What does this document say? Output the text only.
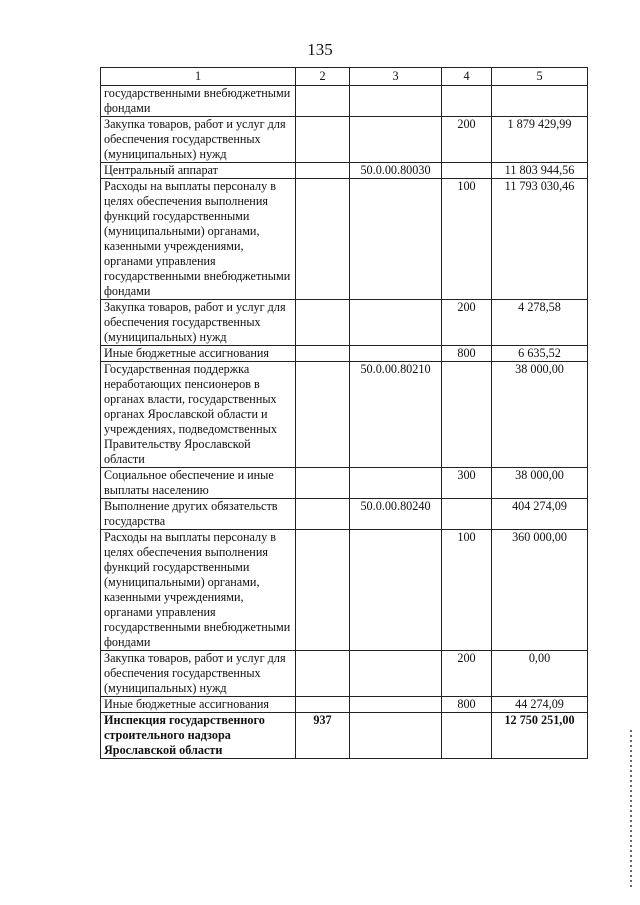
135
1	2	3	4	5
государственными внебюджетными фондами				
Закупка товаров, работ и услуг для обеспечения государственных (муниципальных) нужд			200	1 879 429,99
Центральный аппарат		50.0.00.80030		11 803 944,56
Расходы на выплаты персоналу в целях обеспечения выполнения функций государственными (муниципальными) органами, казенными учреждениями, органами управления государственными внебюджетными фондами			100	11 793 030,46
Закупка товаров, работ и услуг для обеспечения государственных (муниципальных) нужд			200	4 278,58
Иные бюджетные ассигнования			800	6 635,52
Государственная поддержка неработающих пенсионеров в органах власти, государственных органах Ярославской области и учреждениях, подведомственных Правительству Ярославской области		50.0.00.80210		38 000,00
Социальное обеспечение и иные выплаты населению			300	38 000,00
Выполнение других обязательств государства		50.0.00.80240		404 274,09
Расходы на выплаты персоналу в целях обеспечения выполнения функций государственными (муниципальными) органами, казенными учреждениями, органами управления государственными внебюджетными фондами			100	360 000,00
Закупка товаров, работ и услуг для обеспечения государственных (муниципальных) нужд			200	0,00
Иные бюджетные ассигнования			800	44 274,09
Инспекция государственного строительного надзора Ярославской области	937			12 750 251,00
